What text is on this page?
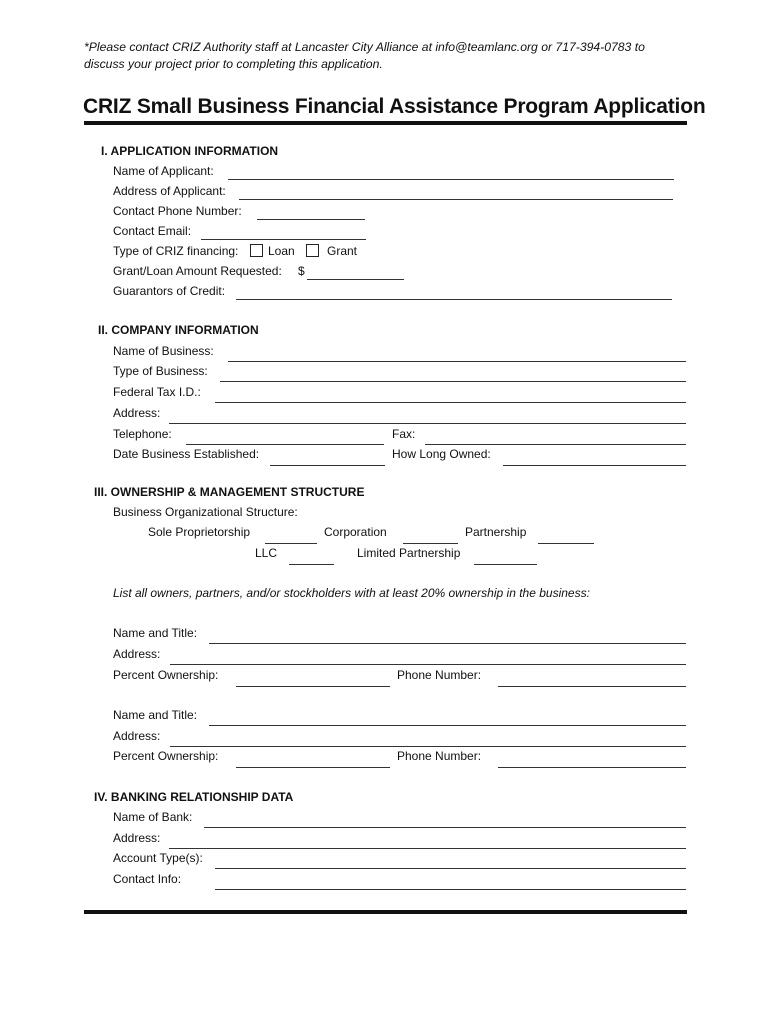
*Please contact CRIZ Authority staff at Lancaster City Alliance at info@teamlanc.org or 717-394-0783 to
discuss your project prior to completing this application.
CRIZ Small Business Financial Assistance Program Application
I. APPLICATION INFORMATION
Name of Applicant:
Address of Applicant:
Contact Phone Number:
Contact Email:
Type of CRIZ financing: Loan	Grant
Grant/Loan Amount Requested: $
Guarantors of Credit:
II. COMPANY INFORMATION
Name of Business:
Type of Business:
Federal Tax I.D.:
Address:
Telephone:	Fax:
Date Business Established:	How Long Owned:
III. OWNERSHIP & MANAGEMENT STRUCTURE
Business Organizational Structure:
Sole Proprietorship	Corporation	Partnership
LLC	Limited Partnership
List all owners, partners, and/or stockholders with at least 20% ownership in the business:
Name and Title:
Address:
Percent Ownership:	Phone Number:
Name and Title:
Address:
Percent Ownership:	Phone Number:
IV. BANKING RELATIONSHIP DATA
Name of Bank:
Address:
Account Type(s):
Contact Info:
